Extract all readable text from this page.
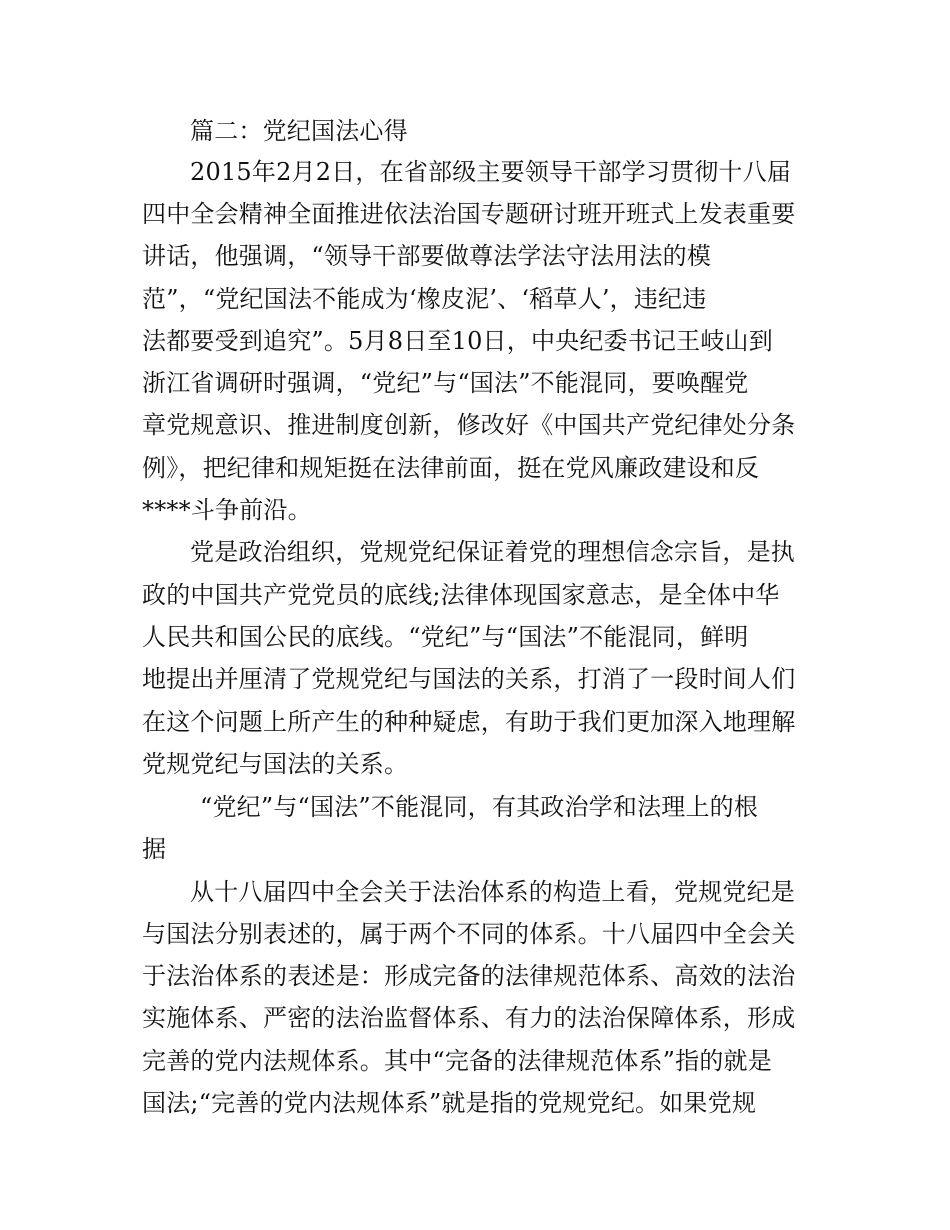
篇二：党纪国法心得
2015年2月2日，在省部级主要领导干部学习贯彻十八届
四中全会精神全面推进依法治国专题研讨班开班式上发表重要
讲话，他强调，“领导干部要做尊法学法守法用法的模
范”，“党纪国法不能成为‘橡皮泥’、‘稻草人’，违纪违
法都要受到追究”。5月8日至10日，中央纪委书记王岐山到
浙江省调研时强调，“党纪”与“国法”不能混同，要唤醒党
章党规意识、推进制度创新，修改好《中国共产党纪律处分条
例》，把纪律和规矩挺在法律前面，挺在党风廉政建设和反
****斗争前沿。
党是政治组织，党规党纪保证着党的理想信念宗旨，是执
政的中国共产党党员的底线;法律体现国家意志，是全体中华
人民共和国公民的底线。“党纪”与“国法”不能混同，鲜明
地提出并厘清了党规党纪与国法的关系，打消了一段时间人们
在这个问题上所产生的种种疑虑，有助于我们更加深入地理解
党规党纪与国法的关系。
“党纪”与“国法”不能混同，有其政治学和法理上的根
据
从十八届四中全会关于法治体系的构造上看，党规党纪是
与国法分别表述的，属于两个不同的体系。十八届四中全会关
于法治体系的表述是：形成完备的法律规范体系、高效的法治
实施体系、严密的法治监督体系、有力的法治保障体系，形成
完善的党内法规体系。其中“完备的法律规范体系”指的就是
国法;“完善的党内法规体系”就是指的党规党纪。如果党规
